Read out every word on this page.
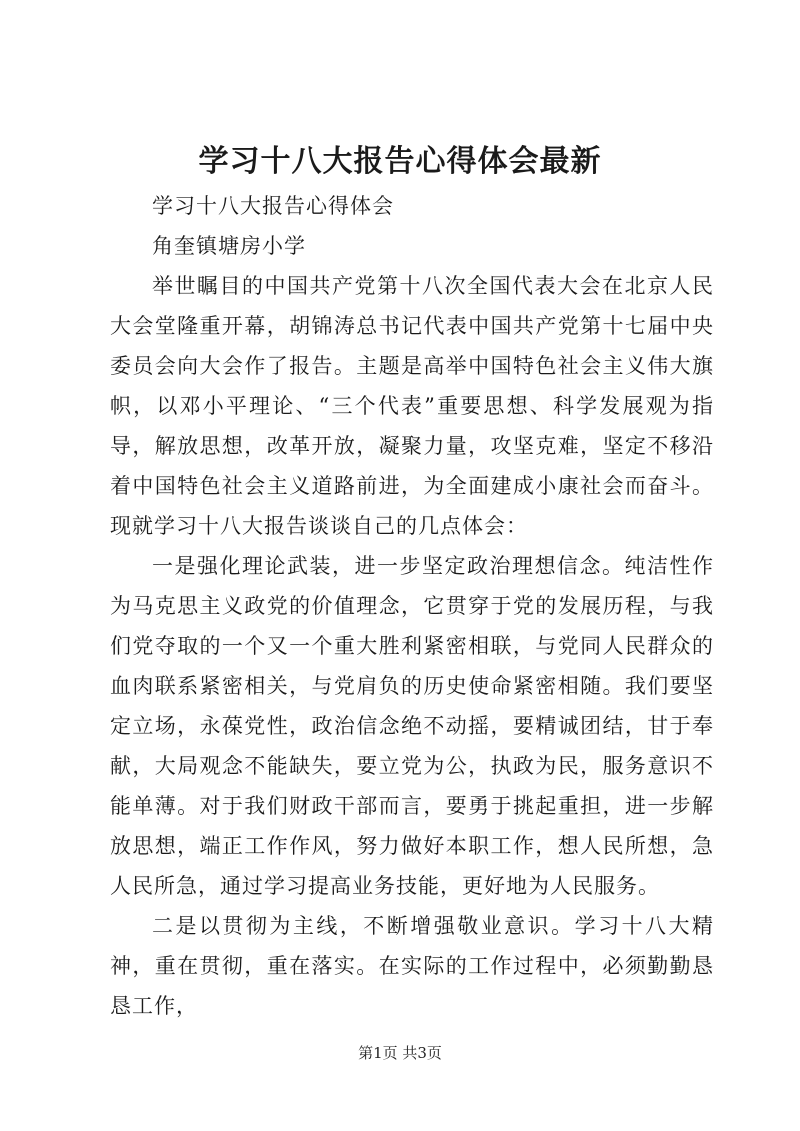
学习十八大报告心得体会最新

学习十八大报告心得体会

角奎镇塘房小学

举世瞩目的中国共产党第十八次全国代表大会在北京人民大会堂隆重开幕，胡锦涛总书记代表中国共产党第十七届中央委员会向大会作了报告。主题是高举中国特色社会主义伟大旗帜，以邓小平理论、“三个代表”重要思想、科学发展观为指导，解放思想，改革开放，凝聚力量，攻坚克难，坚定不移沿着中国特色社会主义道路前进，为全面建成小康社会而奋斗。现就学习十八大报告谈谈自己的几点体会：

一是强化理论武装，进一步坚定政治理想信念。纯洁性作为马克思主义政党的价值理念，它贯穿于党的发展历程，与我们党夺取的一个又一个重大胜利紧密相联，与党同人民群众的血肉联系紧密相关，与党肩负的历史使命紧密相随。我们要坚定立场，永葆党性，政治信念绝不动摇，要精诚团结，甘于奉献，大局观念不能缺失，要立党为公，执政为民，服务意识不能单薄。对于我们财政干部而言，要勇于挑起重担，进一步解放思想，端正工作作风，努力做好本职工作，想人民所想，急人民所急，通过学习提高业务技能，更好地为人民服务。

二是以贯彻为主线，不断增强敬业意识。学习十八大精神，重在贯彻，重在落实。在实际的工作过程中，必须勤勤恳恳工作，

第1页 共3页
